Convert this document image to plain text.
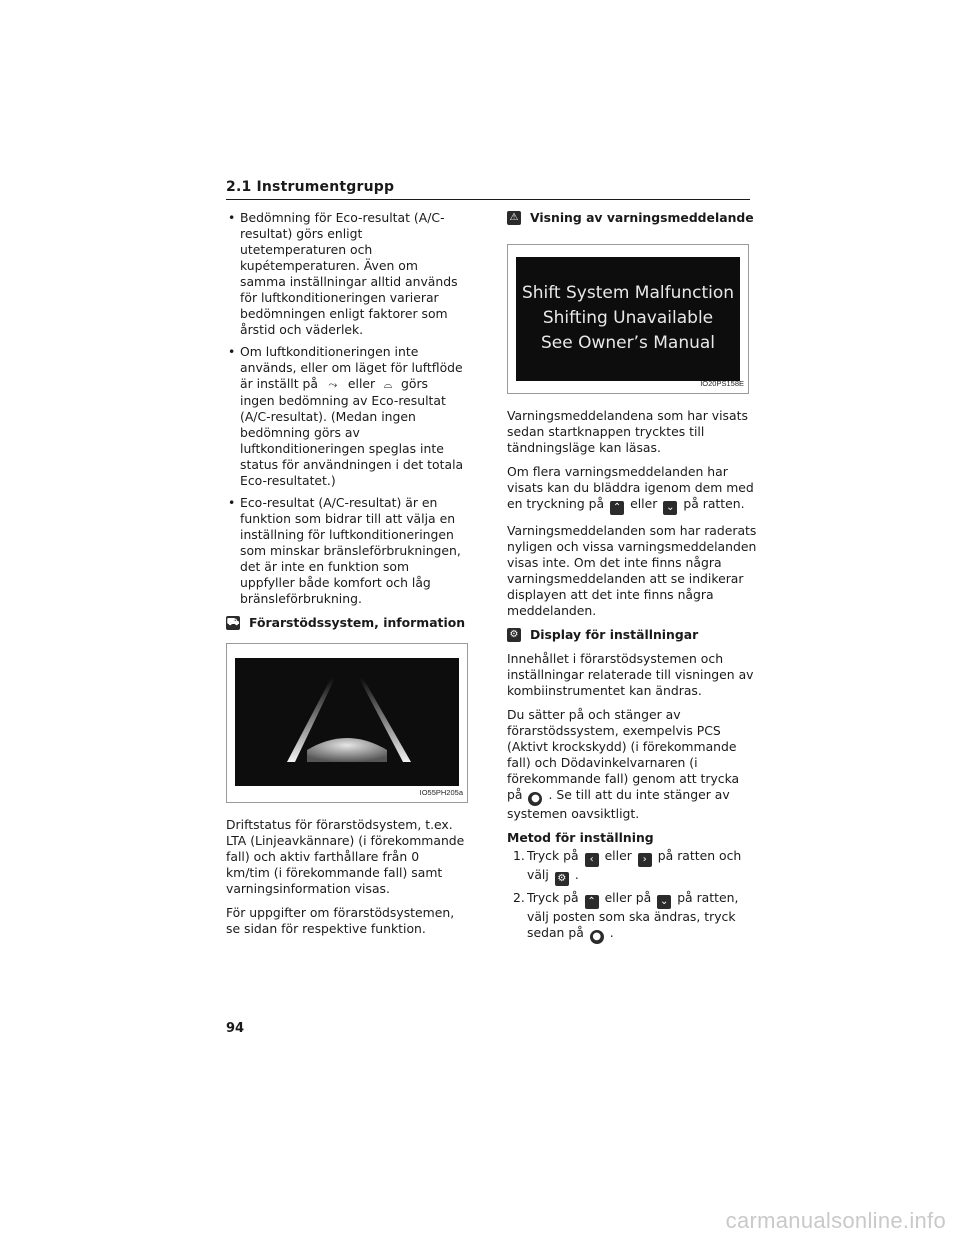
2.1 Instrumentgrupp
• Bedömning för Eco-resultat (A/C-resultat) görs enligt utetemperaturen och kupétemperaturen. Även om samma inställningar alltid används för luftkonditioneringen varierar bedömningen enligt faktorer som årstid och väderlek.
• Om luftkonditioneringen inte används, eller om läget för luftflöde är inställt på ⤳ eller ⌓ görs ingen bedömning av Eco-resultat (A/C-resultat). (Medan ingen bedömning görs av luftkonditioneringen speglas inte status för användningen i det totala Eco-resultatet.)
• Eco-resultat (A/C-resultat) är en funktion som bidrar till att välja en inställning för luftkonditioneringen som minskar bränsleförbrukningen, det är inte en funktion som uppfyller både komfort och låg bränsleförbrukning.
⛟ Förarstödssystem, information
IO55PH205a

Driftstatus för förarstödsystem, t.ex. LTA (Linjeavkännare) (i förekommande fall) och aktiv farthållare från 0 km/tim (i förekommande fall) samt varningsinformation visas.

För uppgifter om förarstödsystemen, se sidan för respektive funktion.

⚠ Visning av varningsmeddelande
Shift System Malfunction
Shifting Unavailable
See Owner’s Manual
IO20PS158E

Varningsmeddelandena som har visats sedan startknappen trycktes till tändningsläge kan läsas.

Om flera varningsmeddelanden har visats kan du bläddra igenom dem med en tryckning på ⌃ eller ⌄ på ratten.

Varningsmeddelanden som har raderats nyligen och vissa varningsmeddelanden visas inte. Om det inte finns några varningsmeddelanden att se indikerar displayen att det inte finns några meddelanden.

⚙ Display för inställningar

Innehållet i förarstödsystemen och inställningar relaterade till visningen av kombiinstrumentet kan ändras.

Du sätter på och stänger av förarstödssystem, exempelvis PCS (Aktivt krockskydd) (i förekommande fall) och Dödavinkelvarnaren (i förekommande fall) genom att trycka på ● . Se till att du inte stänger av systemen oavsiktligt.

Metod för inställning
1. Tryck på ‹ eller › på ratten och välj ⚙ .
2. Tryck på ⌃ eller på ⌄ på ratten, välj posten som ska ändras, tryck sedan på ● .
94
carmanualsonline.info
